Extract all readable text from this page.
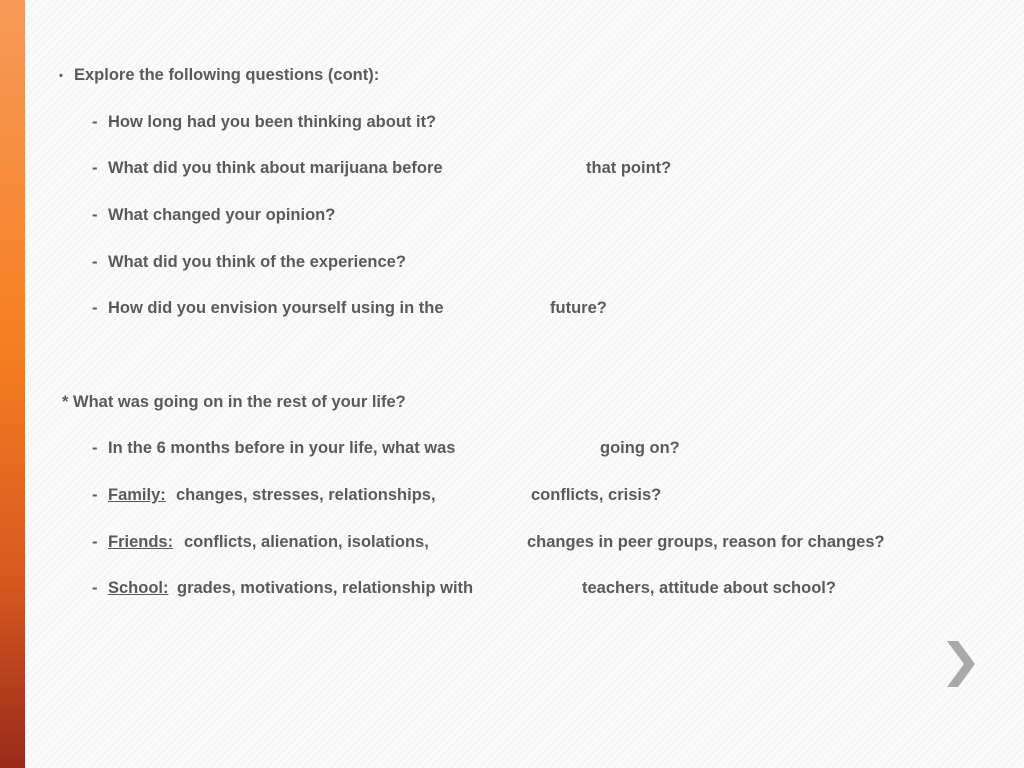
• Explore the following questions (cont):
- How long had you been thinking about it?
- What did you think about marijuana before	that point?
- What changed your opinion?
- What did you think of the experience?
- How did you envision yourself using in the	future?
* What was going on in the rest of your life?
- In the 6 months before in your life, what was	going on?
- Family: changes, stresses, relationships,	conflicts, crisis?
- Friends: conflicts, alienation, isolations,	changes in peer groups, reason for changes?
- School: grades, motivations, relationship with	teachers, attitude about school?
